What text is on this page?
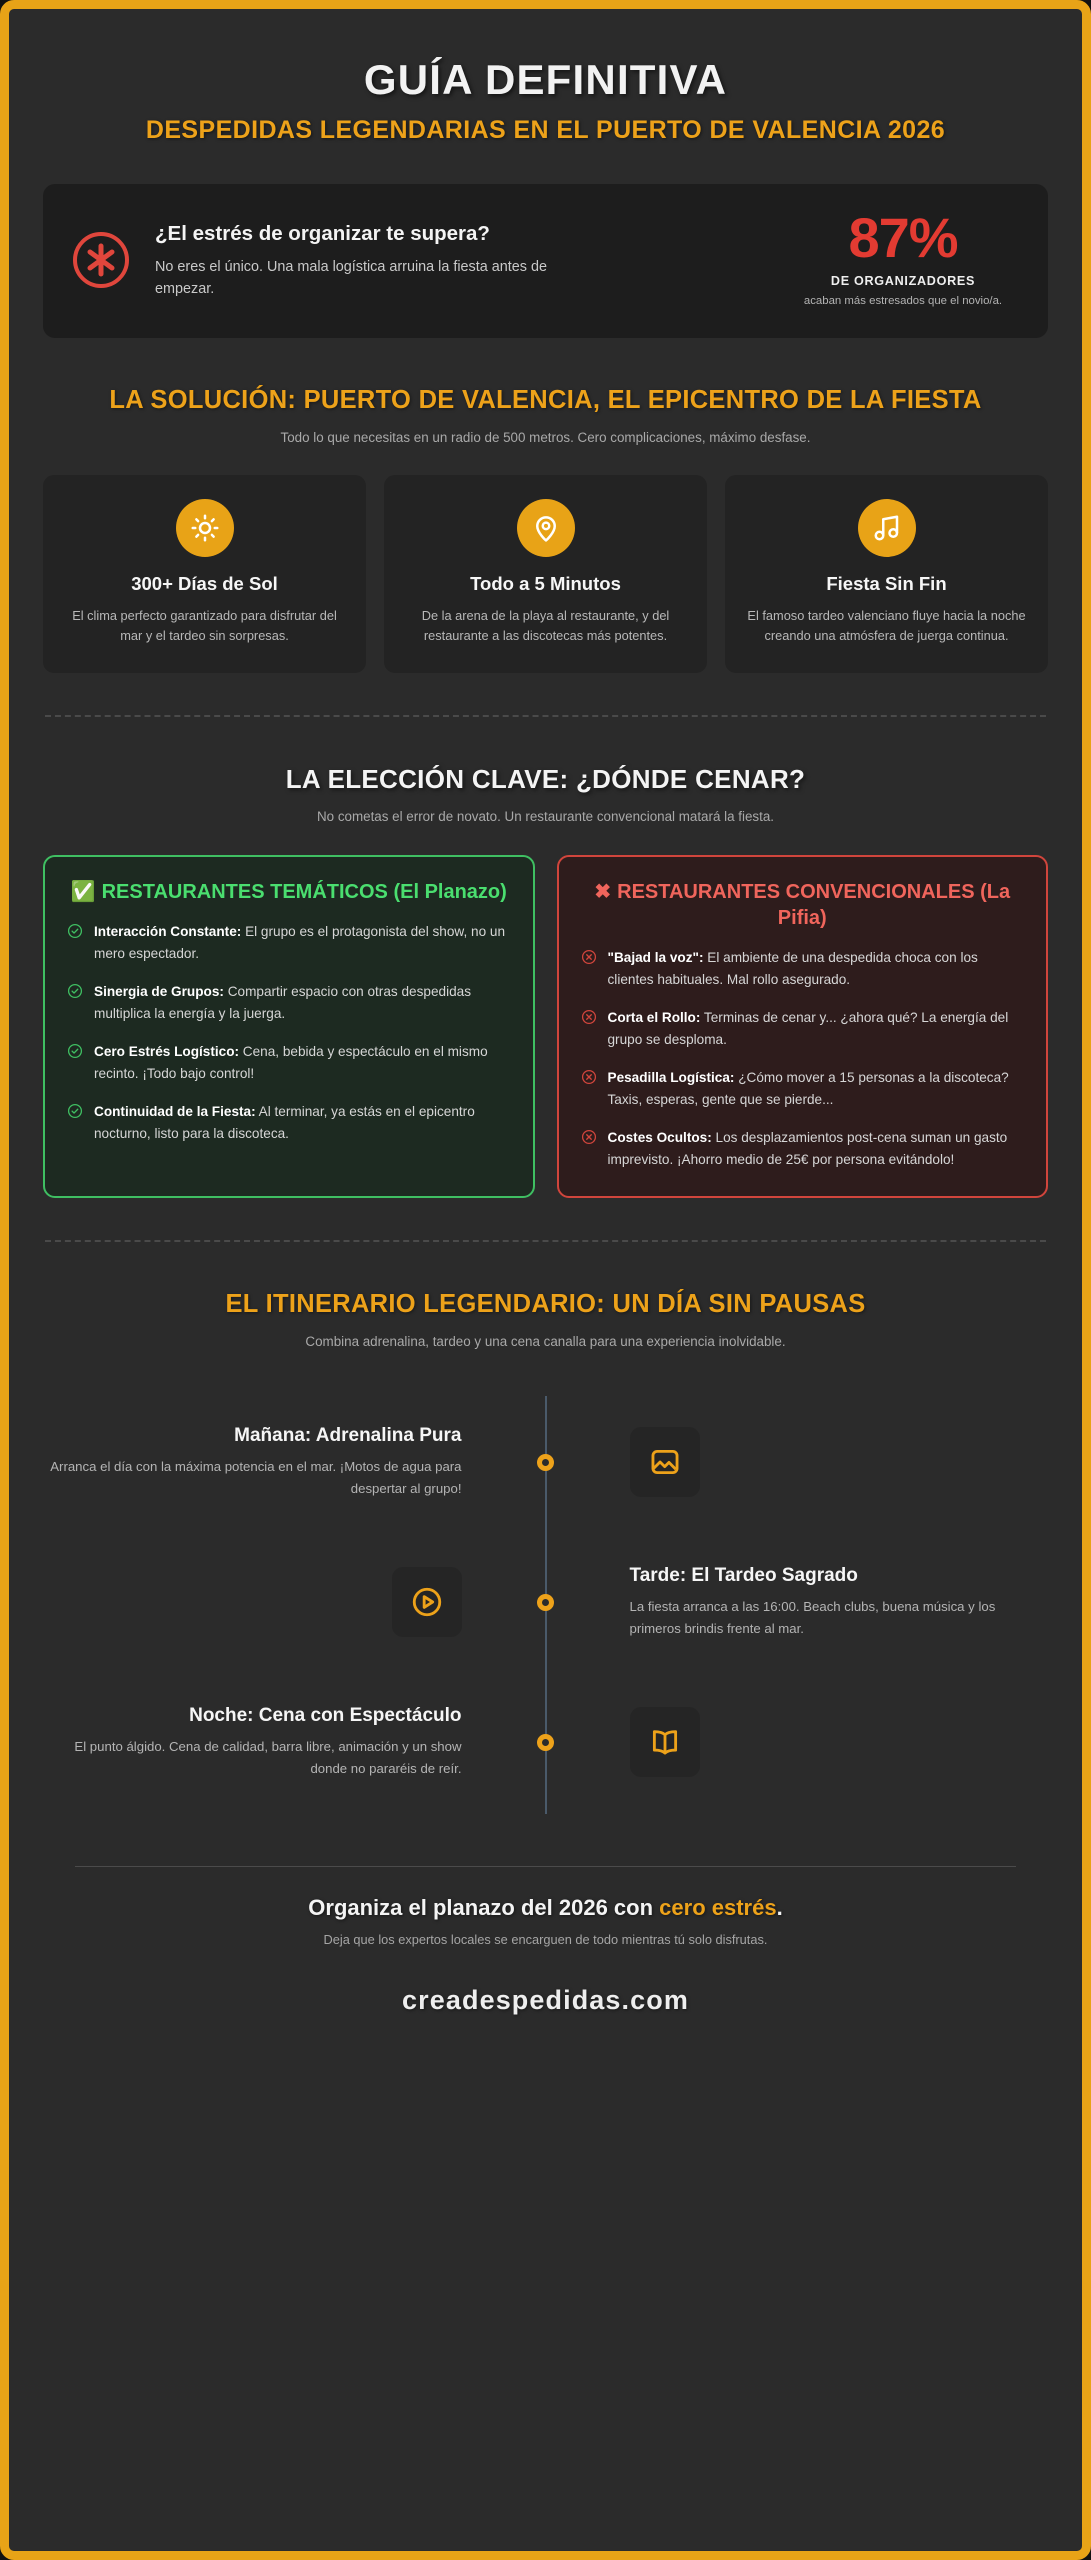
GUÍA DEFINITIVA
DESPEDIDAS LEGENDARIAS EN EL PUERTO DE VALENCIA 2026
¿El estrés de organizar te supera?

No eres el único. Una mala logística arruina la fiesta antes de empezar.

87%
DE ORGANIZADORES
acaban más estresados que el novio/a.
LA SOLUCIÓN: PUERTO DE VALENCIA, EL EPICENTRO DE LA FIESTA
Todo lo que necesitas en un radio de 500 metros. Cero complicaciones, máximo desfase.
300+ Días de Sol

El clima perfecto garantizado para disfrutar del mar y el tardeo sin sorpresas.

Todo a 5 Minutos

De la arena de la playa al restaurante, y del restaurante a las discotecas más potentes.

Fiesta Sin Fin

El famoso tardeo valenciano fluye hacia la noche creando una atmósfera de juerga continua.

LA ELECCIÓN CLAVE: ¿DÓNDE CENAR?
No cometas el error de novato. Un restaurante convencional matará la fiesta.
✅ RESTAURANTES TEMÁTICOS (El Planazo)
Interacción Constante: El grupo es el protagonista del show, no un mero espectador.
Sinergia de Grupos: Compartir espacio con otras despedidas multiplica la energía y la juerga.
Cero Estrés Logístico: Cena, bebida y espectáculo en el mismo recinto. ¡Todo bajo control!
Continuidad de la Fiesta: Al terminar, ya estás en el epicentro nocturno, listo para la discoteca.
✖ RESTAURANTES CONVENCIONALES (La Pifia)
"Bajad la voz": El ambiente de una despedida choca con los clientes habituales. Mal rollo asegurado.
Corta el Rollo: Terminas de cenar y... ¿ahora qué? La energía del grupo se desploma.
Pesadilla Logística: ¿Cómo mover a 15 personas a la discoteca? Taxis, esperas, gente que se pierde...
Costes Ocultos: Los desplazamientos post-cena suman un gasto imprevisto. ¡Ahorro medio de 25€ por persona evitándolo!
EL ITINERARIO LEGENDARIO: UN DÍA SIN PAUSAS
Combina adrenalina, tardeo y una cena canalla para una experiencia inolvidable.
Mañana: Adrenalina Pura

Arranca el día con la máxima potencia en el mar. ¡Motos de agua para despertar al grupo!

Tarde: El Tardeo Sagrado

La fiesta arranca a las 16:00. Beach clubs, buena música y los primeros brindis frente al mar.

Noche: Cena con Espectáculo

El punto álgido. Cena de calidad, barra libre, animación y un show donde no pararéis de reír.

Organiza el planazo del 2026 con cero estrés.
Deja que los expertos locales se encarguen de todo mientras tú solo disfrutas.
creadespedidas.com
